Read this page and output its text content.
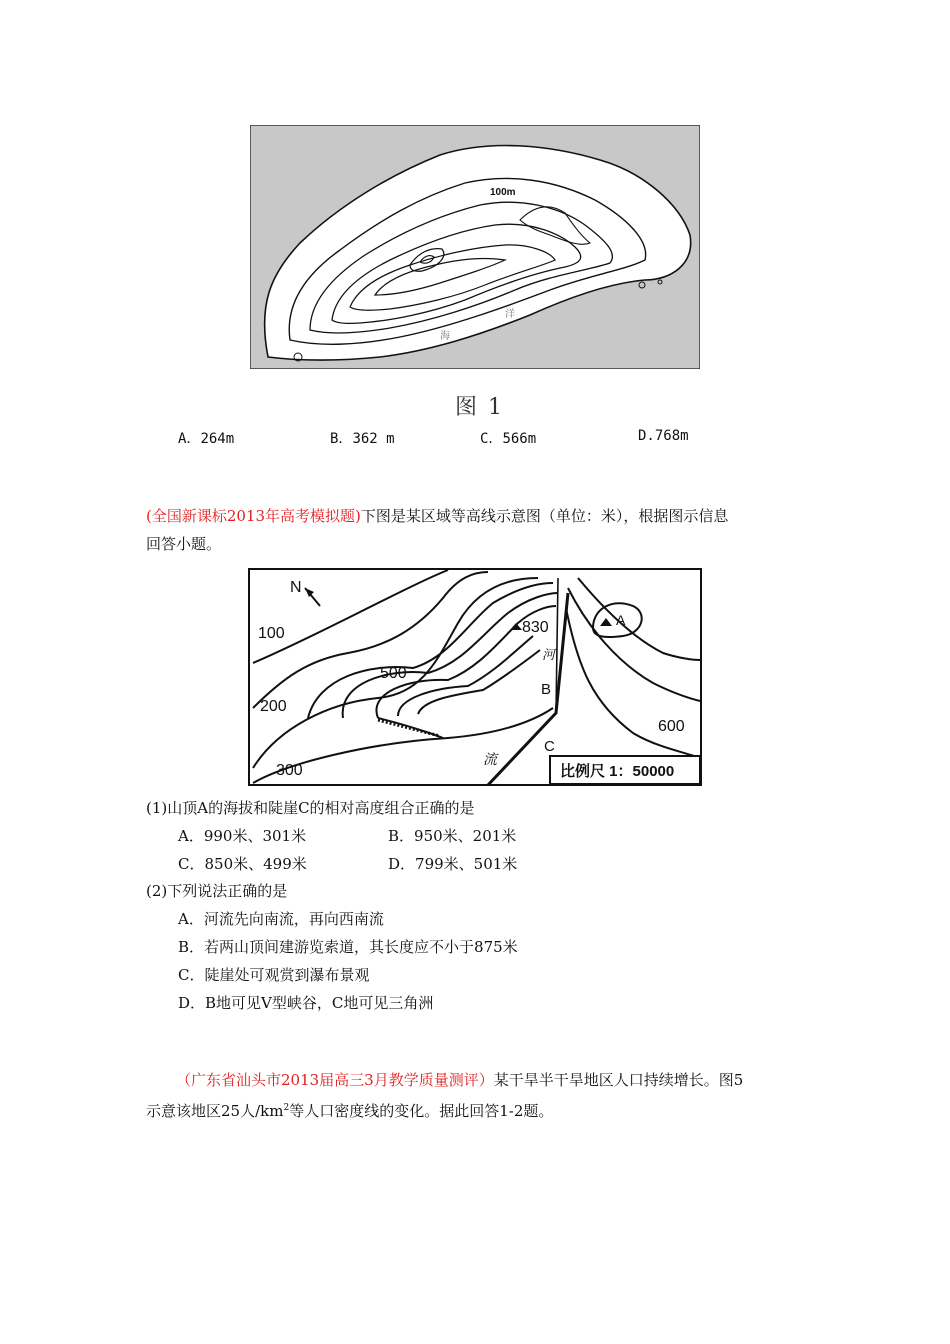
100m
海
洋
图 1
A．264m	B．362 m	C．566m	D.768m
(全国新课标2013年高考模拟题)下图是某区域等高线示意图（单位：米），根据图示信息
回答小题。
N
100
200
300
500
600
830	A
B
C
河
流
比例尺 1：50000
(1)山顶A的海拔和陡崖C的相对高度组合正确的是
A．990米、301米	B．950米、201米
C．850米、499米	D．799米、501米
(2)下列说法正确的是
A．河流先向南流，再向西南流
B．若两山顶间建游览索道，其长度应不小于875米
C．陡崖处可观赏到瀑布景观
D．B地可见V型峡谷，C地可见三角洲
（广东省汕头市2013届高三3月教学质量测评）某干旱半干旱地区人口持续增长。图5
示意该地区25人$/km^2$等人口密度线的变化。据此回答1-2题。
